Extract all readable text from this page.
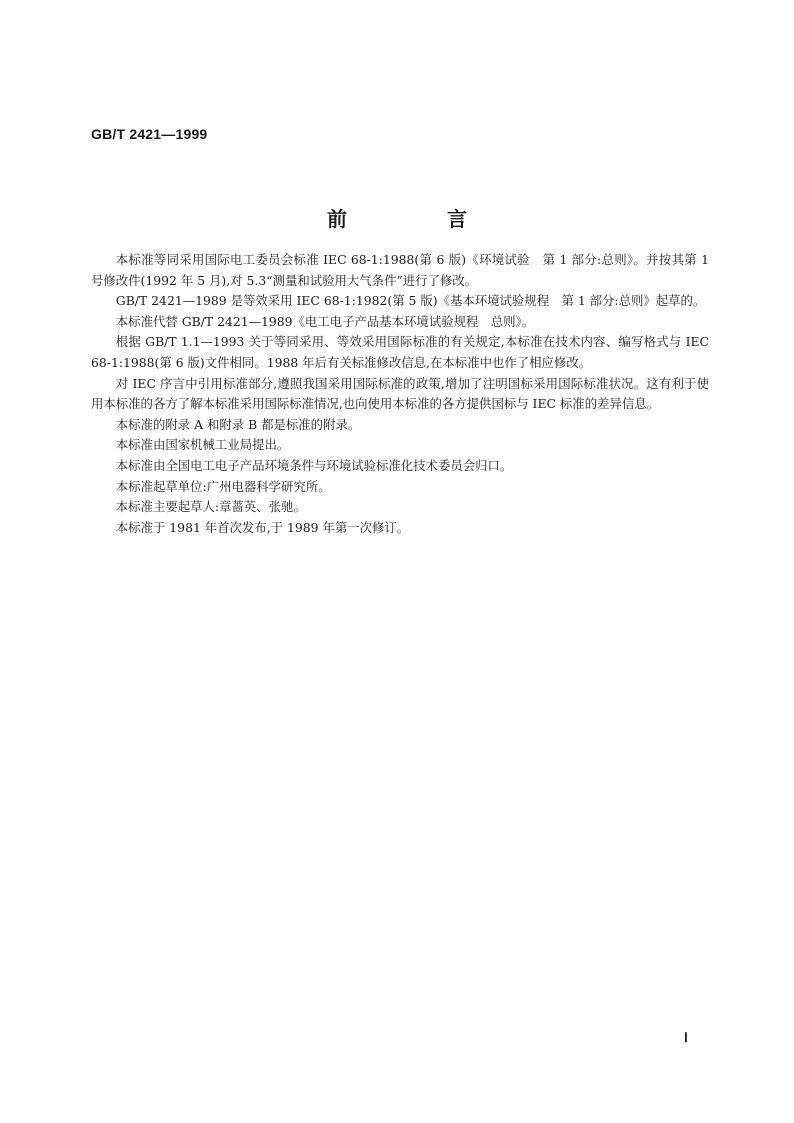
GB/T 2421—1999
前　言

本标准等同采用国际电工委员会标准 IEC 68-1:1988(第 6 版)《环境试验　第 1 部分:总则》。并按其第 1 号修改件(1992 年 5 月),对 5.3“测量和试验用大气条件”进行了修改。

GB/T 2421—1989 是等效采用 IEC 68-1:1982(第 5 版)《基本环境试验规程　第 1 部分:总则》起草的。

本标准代替 GB/T 2421—1989《电工电子产品基本环境试验规程　总则》。

根据 GB/T 1.1—1993 关于等同采用、等效采用国际标准的有关规定,本标准在技术内容、编写格式与 IEC 68-1:1988(第 6 版)文件相同。1988 年后有关标准修改信息,在本标准中也作了相应修改。

对 IEC 序言中引用标准部分,遵照我国采用国际标准的政策,增加了注明国标采用国际标准状况。这有利于使用本标准的各方了解本标准采用国际标准情况,也向使用本标准的各方提供国标与 IEC 标准的差异信息。

本标准的附录 A 和附录 B 都是标准的附录。

本标准由国家机械工业局提出。

本标准由全国电工电子产品环境条件与环境试验标准化技术委员会归口。

本标准起草单位:广州电器科学研究所。

本标准主要起草人:章蔷英、张驰。

本标准于 1981 年首次发布,于 1989 年第一次修订。

Ⅰ
